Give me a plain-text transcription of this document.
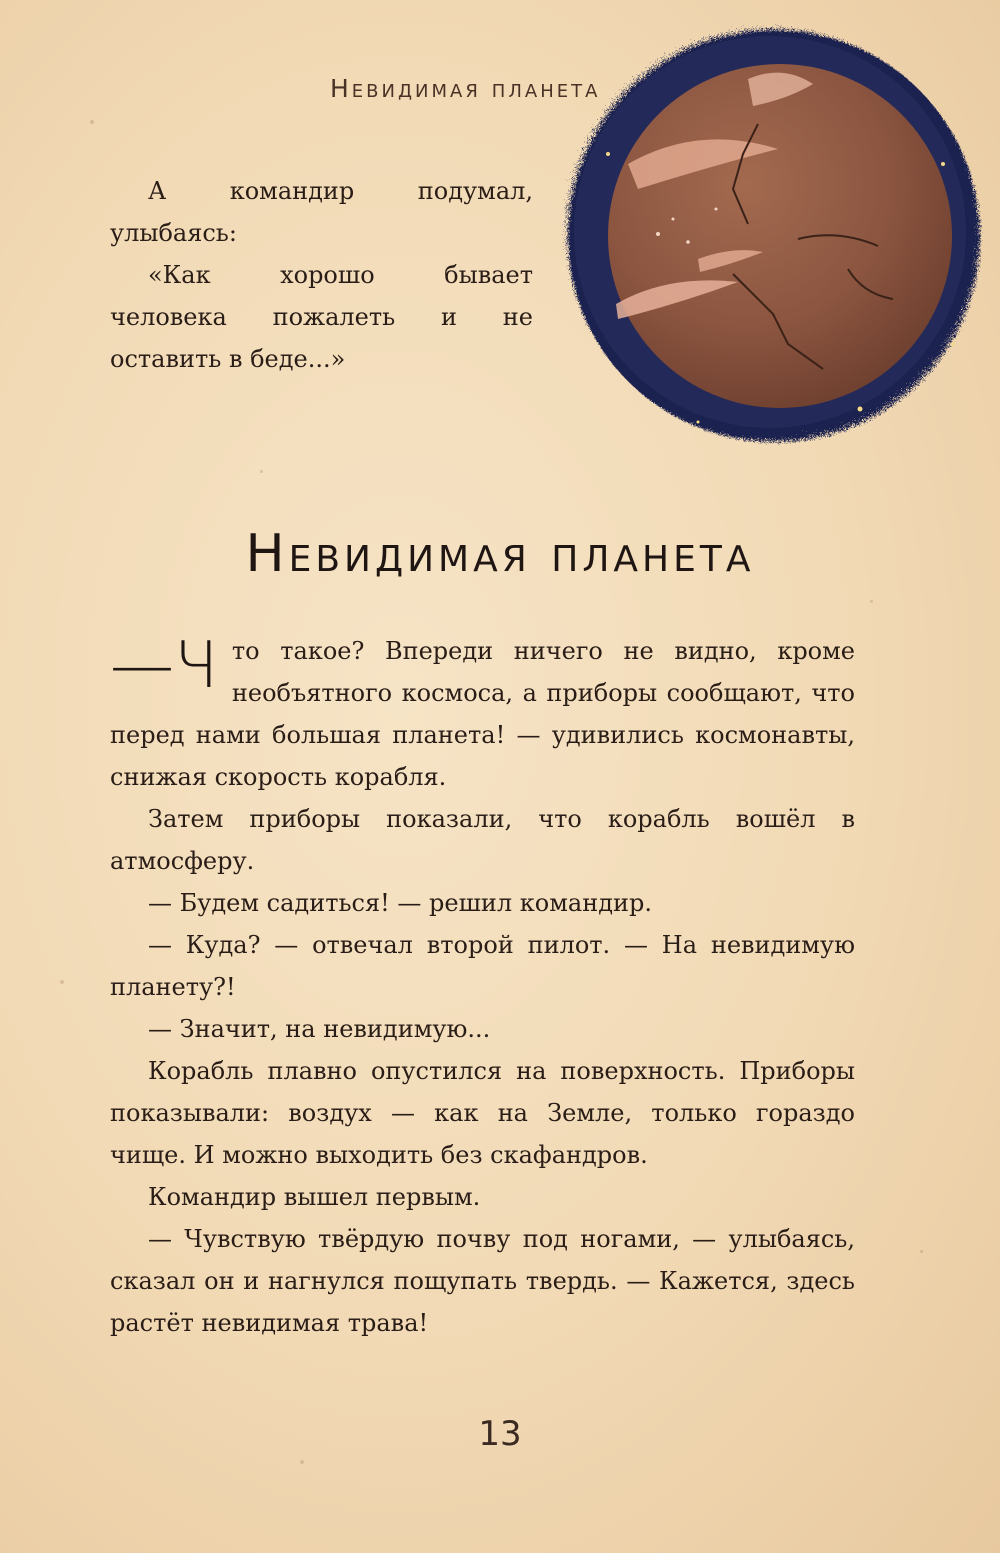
Невидимая планета

А командир подумал, улыбаясь:

«Как хорошо бывает человека пожалеть и не оставить в беде...»

Невидимая планета

—Ч то такое? Впереди ничего не видно, кроме необъятного космоса, а приборы сообщают, что перед нами большая планета! — удивились космонавты, снижая скорость корабля.

Затем приборы показали, что корабль вошёл в атмосферу.

— Будем садиться! — решил командир.

— Куда? — отвечал второй пилот. — На невидимую планету?!

— Значит, на невидимую...

Корабль плавно опустился на поверхность. Приборы показывали: воздух — как на Земле, только гораздо чище. И можно выходить без скафандров.

Командир вышел первым.

— Чувствую твёрдую почву под ногами, — улыбаясь, сказал он и нагнулся пощупать твердь. — Кажется, здесь растёт невидимая трава!

13
